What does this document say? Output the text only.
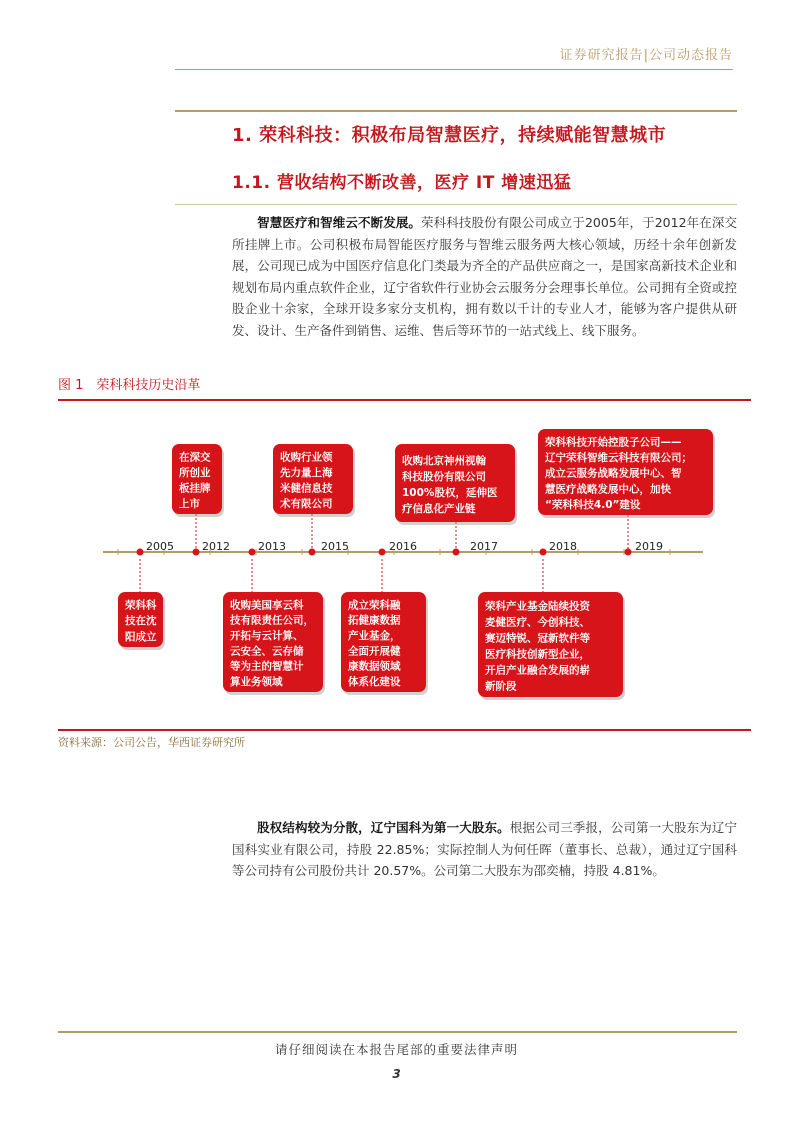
证券研究报告|公司动态报告
1. 荣科科技：积极布局智慧医疗，持续赋能智慧城市
1.1. 营收结构不断改善，医疗 IT 增速迅猛
智慧医疗和智维云不断发展。荣科科技股份有限公司成立于2005年，于2012年在深交所挂牌上市。公司积极布局智能医疗服务与智维云服务两大核心领域，历经十余年创新发展，公司现已成为中国医疗信息化门类最为齐全的产品供应商之一，是国家高新技术企业和规划布局内重点软件企业，辽宁省软件行业协会云服务分会理事长单位。公司拥有全资或控股企业十余家，全球开设多家分支机构，拥有数以千计的专业人才，能够为客户提供从研发、设计、生产备件到销售、运维、售后等环节的一站式线上、线下服务。
图 1　荣科科技历史沿革
2005	2012	2013	2015	2016	2017	2018	2019
荣科科
技在沈
阳成立
在深交
所创业
板挂牌
上市
收购美国享云科
技有限责任公司，
开拓与云计算、
云安全、云存储
等为主的智慧计
算业务领域
收购行业领
先力量上海
米健信息技
术有限公司
成立荣科融
拓健康数据
产业基金，
全面开展健
康数据领域
体系化建设
收购北京神州视翰
科技股份有限公司
100%股权，延伸医
疗信息化产业链
荣科产业基金陆续投资
麦健医疗、今创科技、
赛迈特锐、冠新软件等
医疗科技创新型企业，
开启产业融合发展的崭
新阶段
荣科科技开始控股子公司——
辽宁荣科智维云科技有限公司；
成立云服务战略发展中心、智
慧医疗战略发展中心，加快
“荣科科技4.0”建设
资料来源：公司公告，华西证券研究所
股权结构较为分散，辽宁国科为第一大股东。根据公司三季报，公司第一大股东为辽宁国科实业有限公司，持股 22.85%；实际控制人为何任晖（董事长、总裁），通过辽宁国科等公司持有公司股份共计 20.57%。公司第二大股东为邵奕楠，持股 4.81%。
请仔细阅读在本报告尾部的重要法律声明
3
